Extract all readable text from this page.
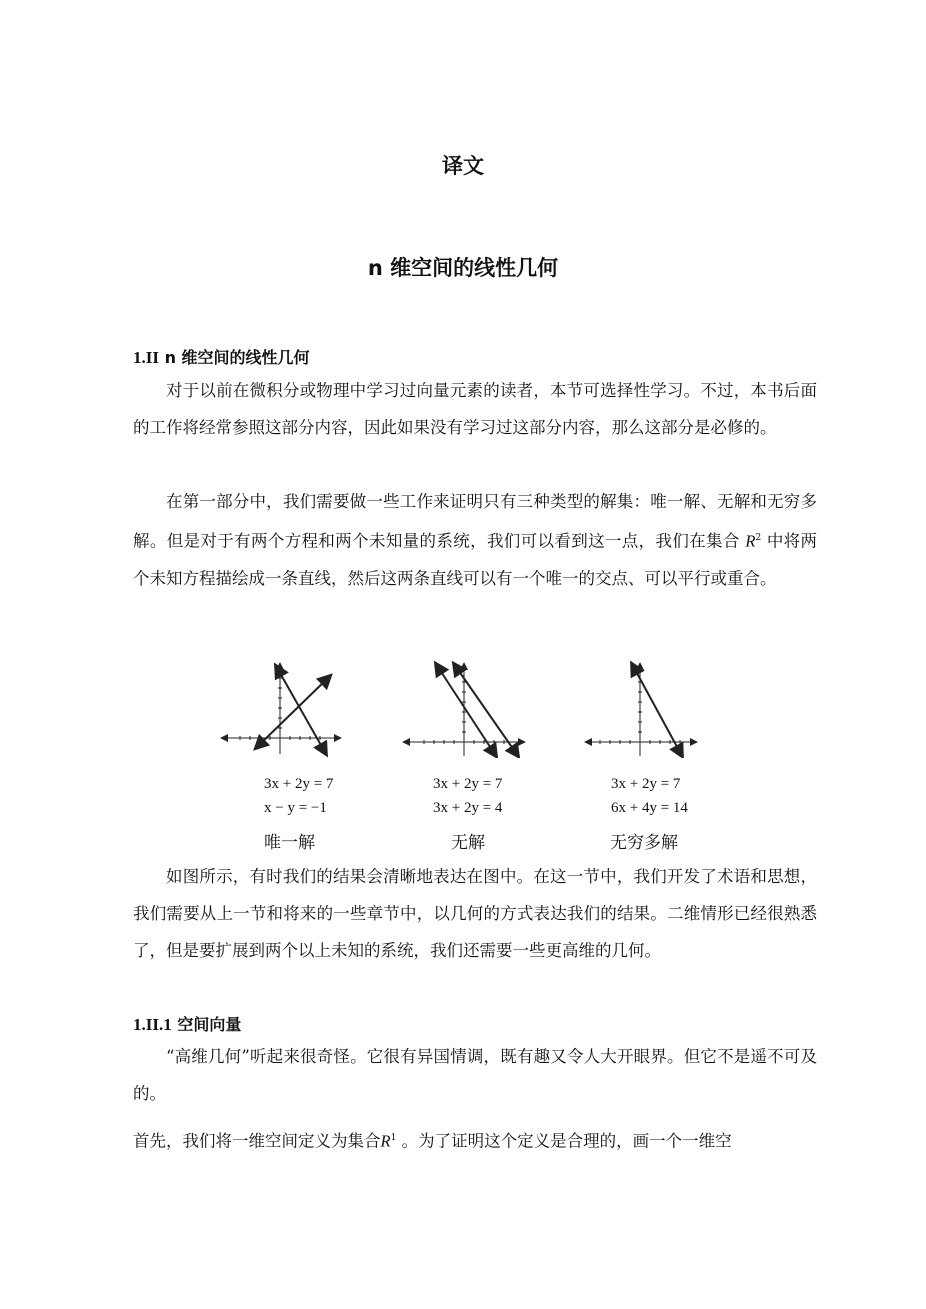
译文
n 维空间的线性几何
1.II n 维空间的线性几何
对于以前在微积分或物理中学习过向量元素的读者，本节可选择性学习。不过，本书后面的工作将经常参照这部分内容，因此如果没有学习过这部分内容，那么这部分是必修的。
在第一部分中，我们需要做一些工作来证明只有三种类型的解集：唯一解、无解和无穷多解。但是对于有两个方程和两个未知量的系统，我们可以看到这一点，我们在集合 $R^2$ 中将两个未知方程描绘成一条直线，然后这两条直线可以有一个唯一的交点、可以平行或重合。
3x + 2y = 7
x − y = −1
唯一解
3x + 2y = 7
3x + 2y = 4
无解
3x + 2y = 7
6x + 4y = 14
无穷多解
如图所示，有时我们的结果会清晰地表达在图中。在这一节中，我们开发了术语和思想，我们需要从上一节和将来的一些章节中，以几何的方式表达我们的结果。二维情形已经很熟悉了，但是要扩展到两个以上未知的系统，我们还需要一些更高维的几何。
1.II.1 空间向量
“高维几何”听起来很奇怪。它很有异国情调，既有趣又令人大开眼界。但它不是遥不可及的。
首先，我们将一维空间定义为集合$R^1$ 。为了证明这个定义是合理的，画一个一维空
